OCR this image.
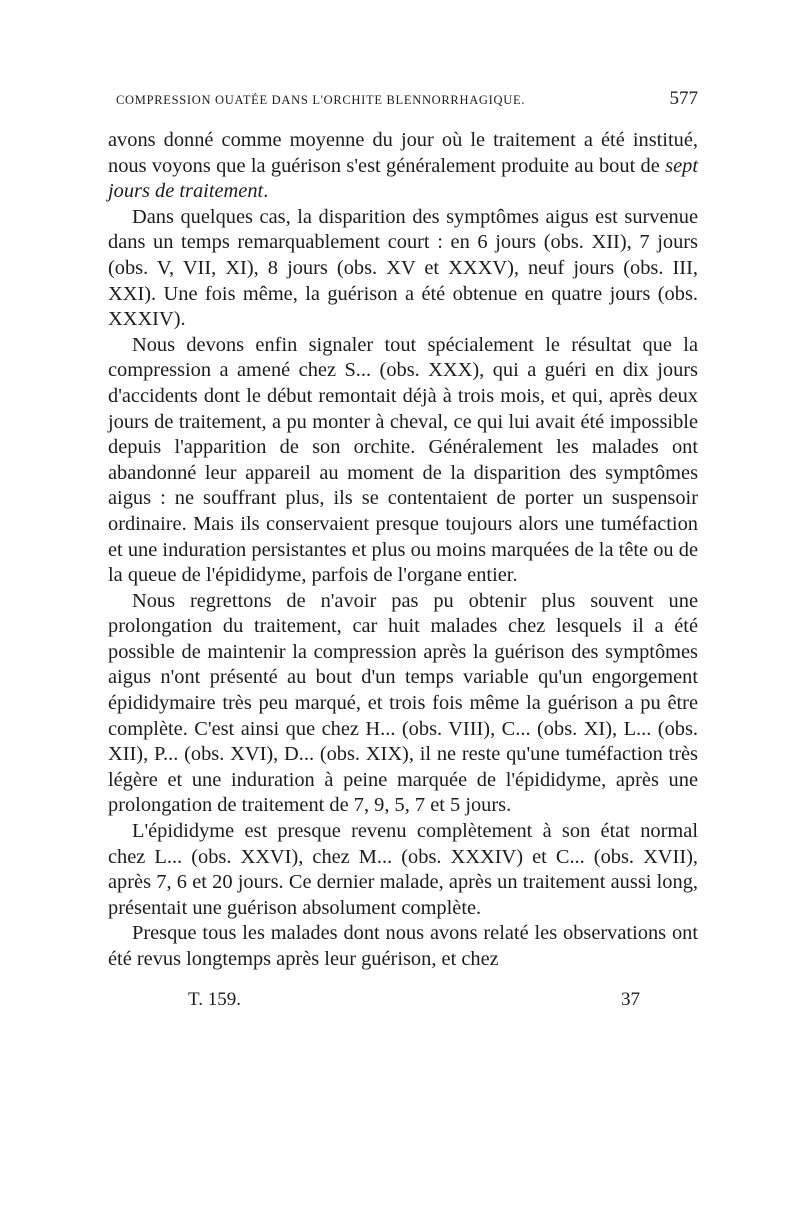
COMPRESSION OUATÉE DANS L'ORCHITE BLENNORRHAGIQUE.	577

avons donné comme moyenne du jour où le traitement a été institué, nous voyons que la guérison s'est généralement produite au bout de sept jours de traitement.

Dans quelques cas, la disparition des symptômes aigus est survenue dans un temps remarquablement court : en 6 jours (obs. XII), 7 jours (obs. V, VII, XI), 8 jours (obs. XV et XXXV), neuf jours (obs. III, XXI). Une fois même, la guérison a été obtenue en quatre jours (obs. XXXIV).

Nous devons enfin signaler tout spécialement le résultat que la compression a amené chez S... (obs. XXX), qui a guéri en dix jours d'accidents dont le début remontait déjà à trois mois, et qui, après deux jours de traitement, a pu monter à cheval, ce qui lui avait été impossible depuis l'apparition de son orchite. Généralement les malades ont abandonné leur appareil au moment de la disparition des symptômes aigus : ne souffrant plus, ils se contentaient de porter un suspensoir ordinaire. Mais ils conservaient presque toujours alors une tuméfaction et une induration persistantes et plus ou moins marquées de la tête ou de la queue de l'épididyme, parfois de l'organe entier.

Nous regrettons de n'avoir pas pu obtenir plus souvent une prolongation du traitement, car huit malades chez lesquels il a été possible de maintenir la compression après la guérison des symptômes aigus n'ont présenté au bout d'un temps variable qu'un engorgement épididymaire très peu marqué, et trois fois même la guérison a pu être complète. C'est ainsi que chez H... (obs. VIII), C... (obs. XI), L... (obs. XII), P... (obs. XVI), D... (obs. XIX), il ne reste qu'une tuméfaction très légère et une induration à peine marquée de l'épididyme, après une prolongation de traitement de 7, 9, 5, 7 et 5 jours.

L'épididyme est presque revenu complètement à son état normal chez L... (obs. XXVI), chez M... (obs. XXXIV) et C... (obs. XVII), après 7, 6 et 20 jours. Ce dernier malade, après un traitement aussi long, présentait une guérison absolument complète.

Presque tous les malades dont nous avons relaté les observations ont été revus longtemps après leur guérison, et chez

T. 159.	37
